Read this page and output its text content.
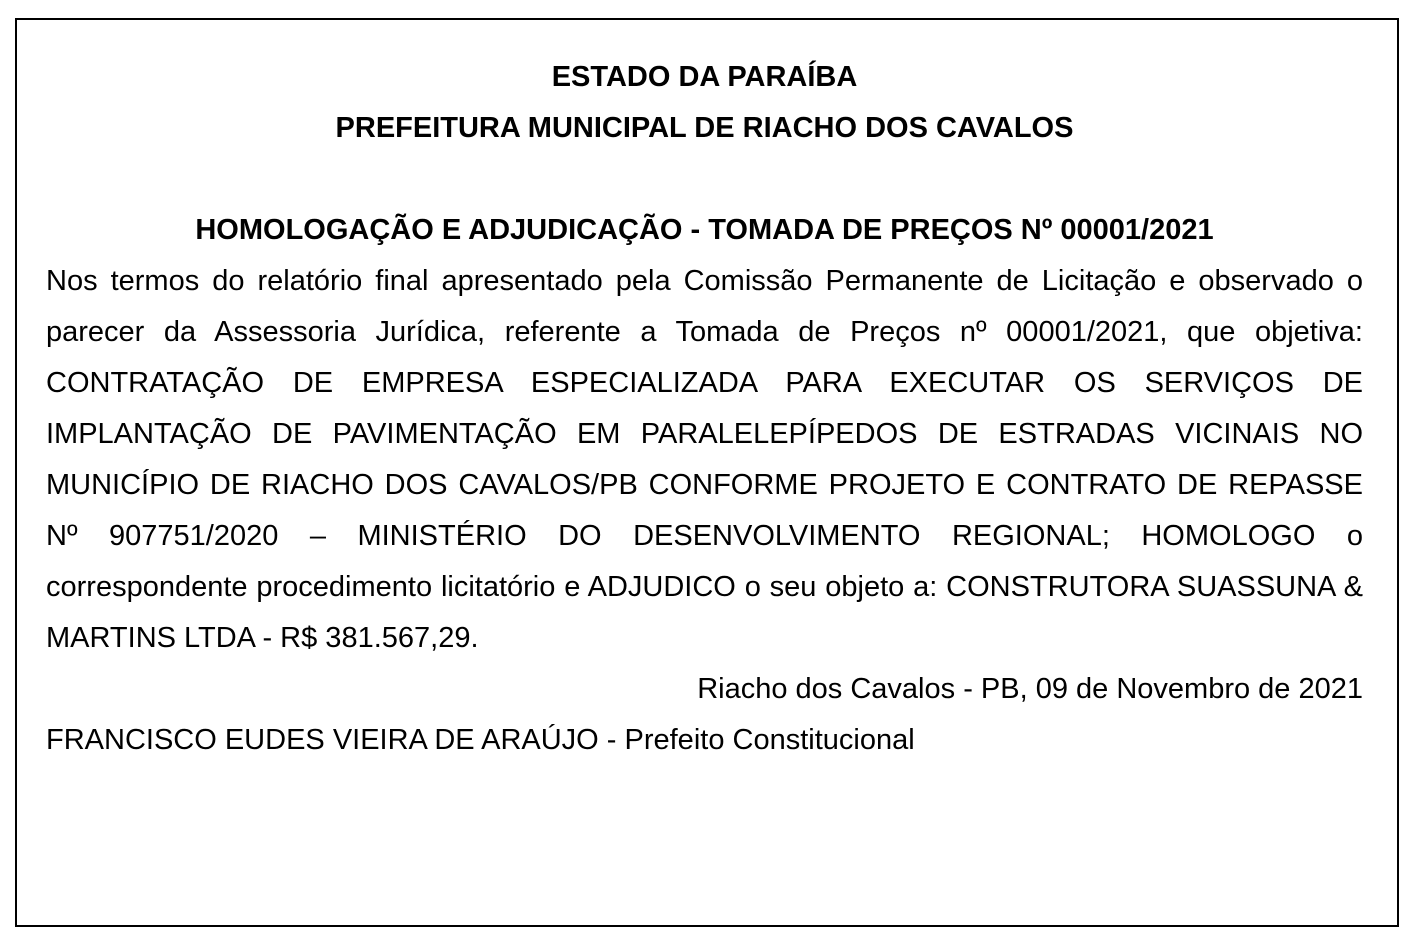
ESTADO DA PARAÍBA

PREFEITURA MUNICIPAL DE RIACHO DOS CAVALOS

HOMOLOGAÇÃO E ADJUDICAÇÃO - TOMADA DE PREÇOS Nº 00001/2021

Nos termos do relatório final apresentado pela Comissão Permanente de Licitação e observado o parecer da Assessoria Jurídica, referente a Tomada de Preços nº 00001/2021, que objetiva: CONTRATAÇÃO DE EMPRESA ESPECIALIZADA PARA EXECUTAR OS SERVIÇOS DE IMPLANTAÇÃO DE PAVIMENTAÇÃO EM PARALELEPÍPEDOS DE ESTRADAS VICINAIS NO MUNICÍPIO DE RIACHO DOS CAVALOS/PB CONFORME PROJETO E CONTRATO DE REPASSE Nº 907751/2020 – MINISTÉRIO DO DESENVOLVIMENTO REGIONAL; HOMOLOGO o correspondente procedimento licitatório e ADJUDICO o seu objeto a: CONSTRUTORA SUASSUNA & MARTINS LTDA - R$ 381.567,29.

Riacho dos Cavalos - PB, 09 de Novembro de 2021

FRANCISCO EUDES VIEIRA DE ARAÚJO - Prefeito Constitucional
